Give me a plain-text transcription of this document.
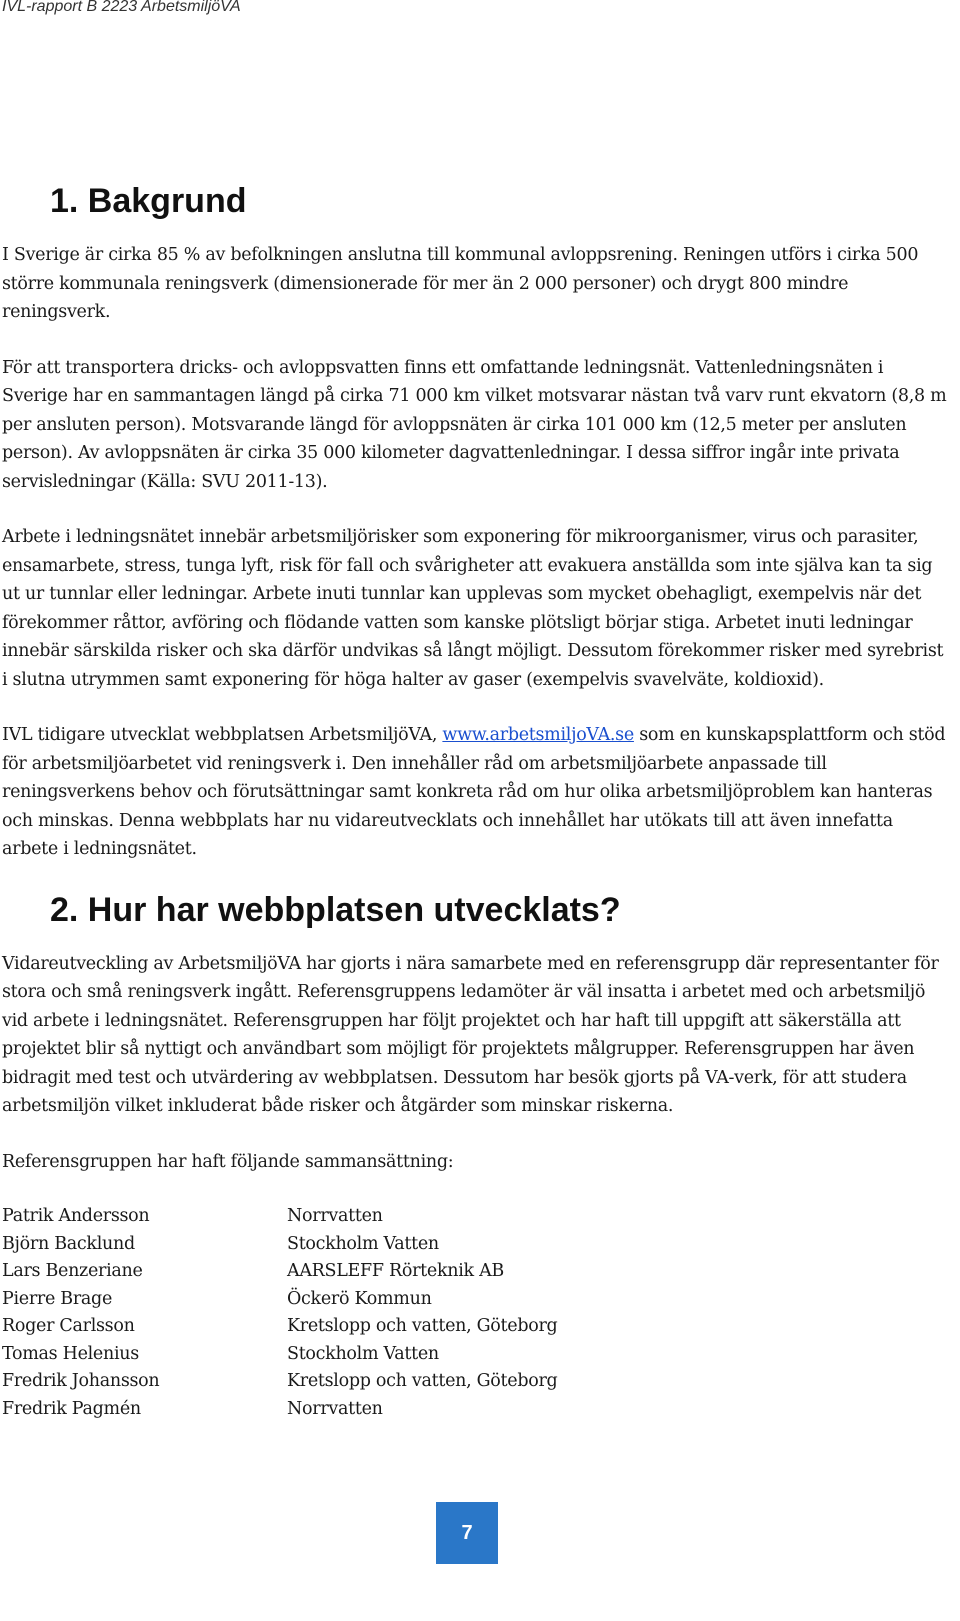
IVL-rapport B 2223 ArbetsmiljöVA
1. Bakgrund

I Sverige är cirka 85 % av befolkningen anslutna till kommunal avloppsrening. Reningen utförs i cirka 500 större kommunala reningsverk (dimensionerade för mer än 2 000 personer) och drygt 800 mindre reningsverk.

För att transportera dricks- och avloppsvatten finns ett omfattande ledningsnät. Vattenledningsnäten i Sverige har en sammantagen längd på cirka 71 000 km vilket motsvarar nästan två varv runt ekvatorn (8,8 m per ansluten person). Motsvarande längd för avloppsnäten är cirka 101 000 km (12,5 meter per ansluten person). Av avloppsnäten är cirka 35 000 kilometer dagvattenledningar. I dessa siffror ingår inte privata servisledningar (Källa: SVU 2011-13).

Arbete i ledningsnätet innebär arbetsmiljörisker som exponering för mikroorganismer, virus och parasiter, ensamarbete, stress, tunga lyft, risk för fall och svårigheter att evakuera anställda som inte själva kan ta sig ut ur tunnlar eller ledningar. Arbete inuti tunnlar kan upplevas som mycket obehagligt, exempelvis när det förekommer råttor, avföring och flödande vatten som kanske plötsligt börjar stiga. Arbetet inuti ledningar innebär särskilda risker och ska därför undvikas så långt möjligt. Dessutom förekommer risker med syrebrist i slutna utrymmen samt exponering för höga halter av gaser (exempelvis svavelväte, koldioxid).

IVL tidigare utvecklat webbplatsen ArbetsmiljöVA, www.arbetsmiljoVA.se som en kunskapsplattform och stöd för arbetsmiljöarbetet vid reningsverk i. Den innehåller råd om arbetsmiljöarbete anpassade till reningsverkens behov och förutsättningar samt konkreta råd om hur olika arbetsmiljöproblem kan hanteras och minskas. Denna webbplats har nu vidareutvecklats och innehållet har utökats till att även innefatta arbete i ledningsnätet.

2. Hur har webbplatsen utvecklats?

Vidareutveckling av ArbetsmiljöVA har gjorts i nära samarbete med en referensgrupp där representanter för stora och små reningsverk ingått. Referensgruppens ledamöter är väl insatta i arbetet med och arbetsmiljö vid arbete i ledningsnätet. Referensgruppen har följt projektet och har haft till uppgift att säkerställa att projektet blir så nyttigt och användbart som möjligt för projektets målgrupper. Referensgruppen har även bidragit med test och utvärdering av webbplatsen. Dessutom har besök gjorts på VA-verk, för att studera arbetsmiljön vilket inkluderat både risker och åtgärder som minskar riskerna.

Referensgruppen har haft följande sammansättning:

Patrik Andersson	Norrvatten
Björn Backlund	Stockholm Vatten
Lars Benzeriane	AARSLEFF Rörteknik AB
Pierre Brage	Öckerö Kommun
Roger Carlsson	Kretslopp och vatten, Göteborg
Tomas Helenius	Stockholm Vatten
Fredrik Johansson	Kretslopp och vatten, Göteborg
Fredrik Pagmén	Norrvatten
7
